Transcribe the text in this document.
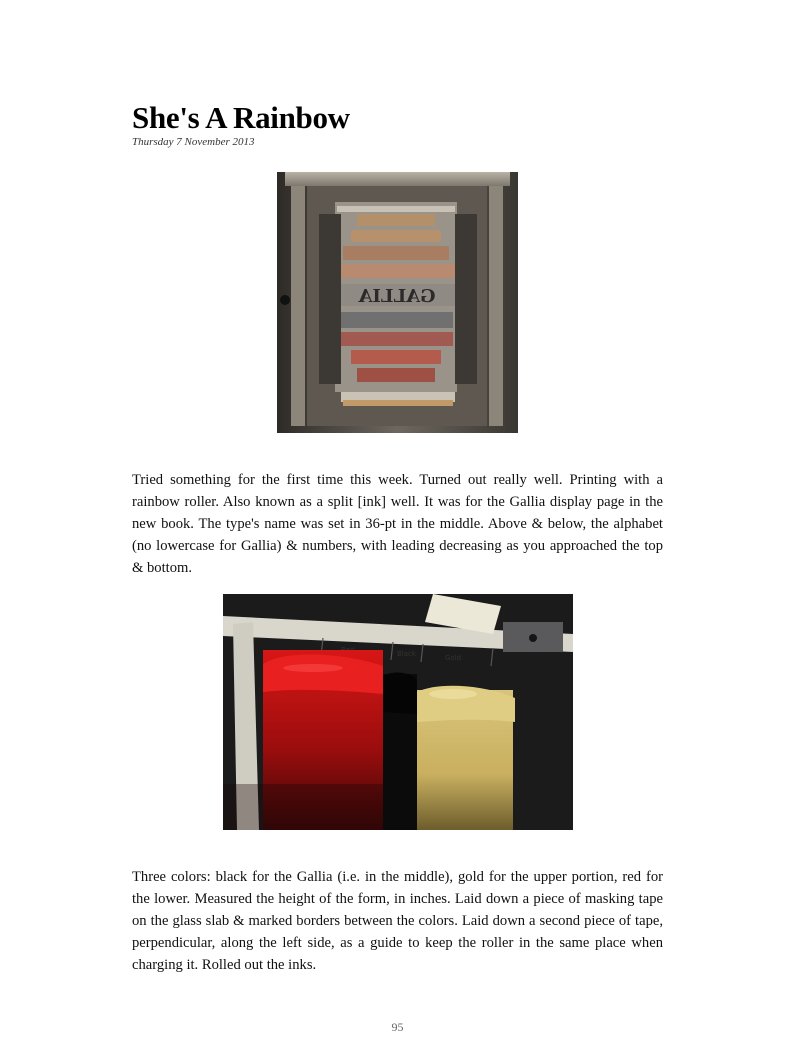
She's A Rainbow
Thursday 7 November 2013
GALLIA
Tried something for the first time this week. Turned out really well. Printing with a rainbow roller. Also known as a split [ink] well. It was for the Gallia display page in the new book. The type's name was set in 36-pt in the middle. Above & below, the alphabet (no lowercase for Gallia) & numbers, with leading decreasing as you approached the top & bottom.
Black	Gold
Three colors: black for the Gallia (i.e. in the middle), gold for the upper portion, red for the lower. Measured the height of the form, in inches. Laid down a piece of masking tape on the glass slab & marked borders between the colors. Laid down a second piece of tape, perpendicular, along the left side, as a guide to keep the roller in the same place when charging it. Rolled out the inks.
95
